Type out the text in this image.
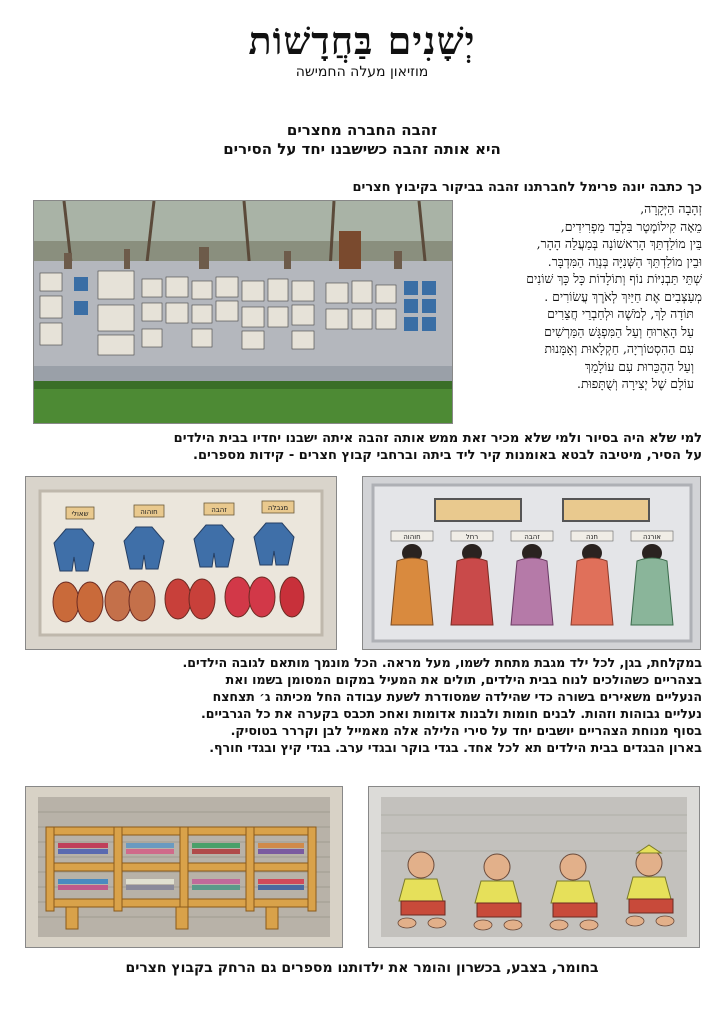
יְשָׁנִים בַּחֲדָשׁוֹת
מוזיאון מעלה החמישה
זהבה החברה מחצרים
היא אותה זהבה כשישבנו יחד על הסירים
כך כתבה יונה פרימל לחברתנו זהבה בביקור בקיבוץ חצרים
זְהָבָה הַיְּקָרָה,
מֵאָה קִילוֹמֶטֶר בִּלְבַד מַפְרִידִים,
בֵּין מוֹלַדְתֵּךְ הָרִאשׁוֹנָה בְּמַעֲלֵה הָהָר,
וּבֵין מוֹלַדְתֵּךְ הַשְּׁנִיָּה בְּנְוֵה הַמִּדְבָּר.
שְׁתֵּי תַּבְנִיּוֹת נוֹף וְתוֹלָדוֹת כָּל כָּךְ שׁוֹנִים
מְעַצְּבִים אֶת חַיַּיִךְ לְאֹרֶךְ עֲשׂוֹרִים .
תּוֹדָה לָךְ, לְמֹשֶׁה וּלְחַבְרֵי חֲצֵרִים
עַל הָאֵרוּחַ וְעַל הַמִּפְגָּשׁ הַמַּרְשִׁים
עִם הַהִסְטוֹרְיָה, חַקְלָאוּת וְאָמָּנוּת
וְעַל הַהֶכֵּרוּת עִם עוֹלָמֵךְ
עוֹלָם שֶׁל יְצִירָה וְשֻׁתָּפוּת.
למי שלא היה בסיור ולמי שלא מכיר זאת ממש אותה זהבה איתה ישבנו יחדיו בבית הילדים
על הסיר, מיטיבה לבטא באומנות קיר ליד ביתה וברחבי קבוץ חצרים - קידות מספרים.
שאולי	חוהוה	זהבה	מגבלה
חוהוה	רחל	זהבה	חנה	אורנה
במקלחת, בגן, לכל ילד מגבת מתחת לשמו, מעל מראה. הכל מונמך מותאם לגובה הילדים.
בצהריים כשהולכים לנוח בבית הילדים, תולים את המעיל במקום המסומן בשמו ואת
הנעליים משאירים בשורה כדי שהילדה שמסודרת לשעת עבודה החל מכיתה ג׳ תצחצח
נעליים גבוהות וזהות. לבנים חומות ולבנות אדומות ואחכ תכבס בקערה את כל הגרביים.
בסוף מנוחת הצהריים יושבים יחד על סירי הלילה אלה מאמייל לבן וקררר בטוסיק.
בארון הבגדים בבית הילדים תא לכל אחד. בגדי בוקר ובגדי ערב. בגדי קיץ ובגדי חורף.
בחומר, בצבע, בכשרון והומר את ילדותנו מספרים גם הרחק בקבוץ חצרים
